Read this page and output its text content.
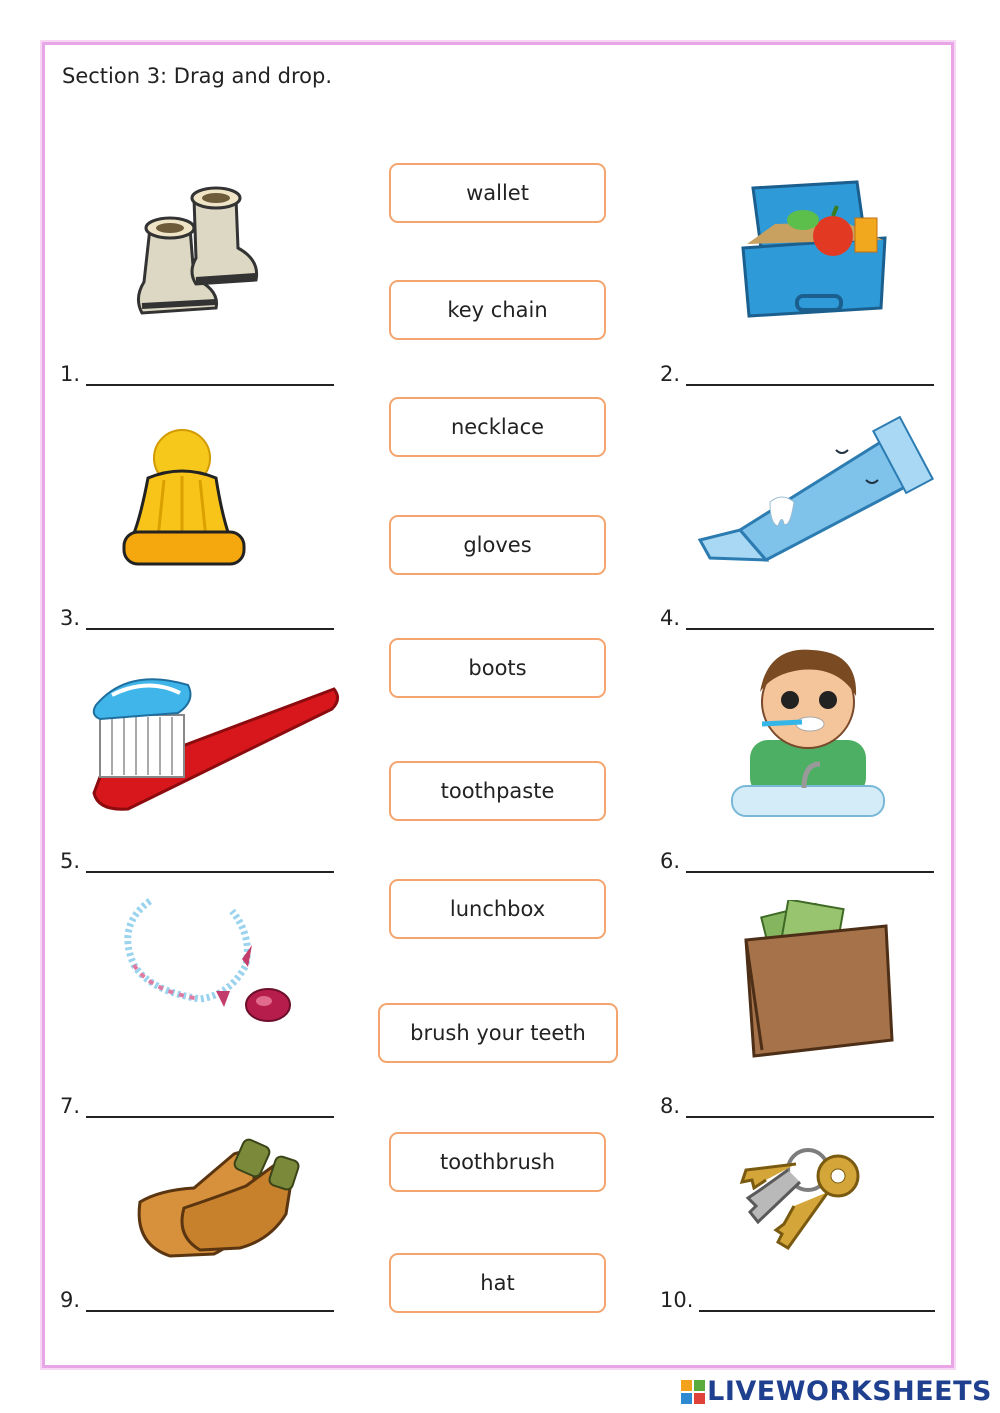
Section 3: Drag and drop.
wallet
key chain
necklace
gloves
boots
toothpaste
lunchbox
brush your teeth
toothbrush
hat
1.	2.
3.	4.
5.	6.
7.	8.
9.	10.
LIVEWORKSHEETS
